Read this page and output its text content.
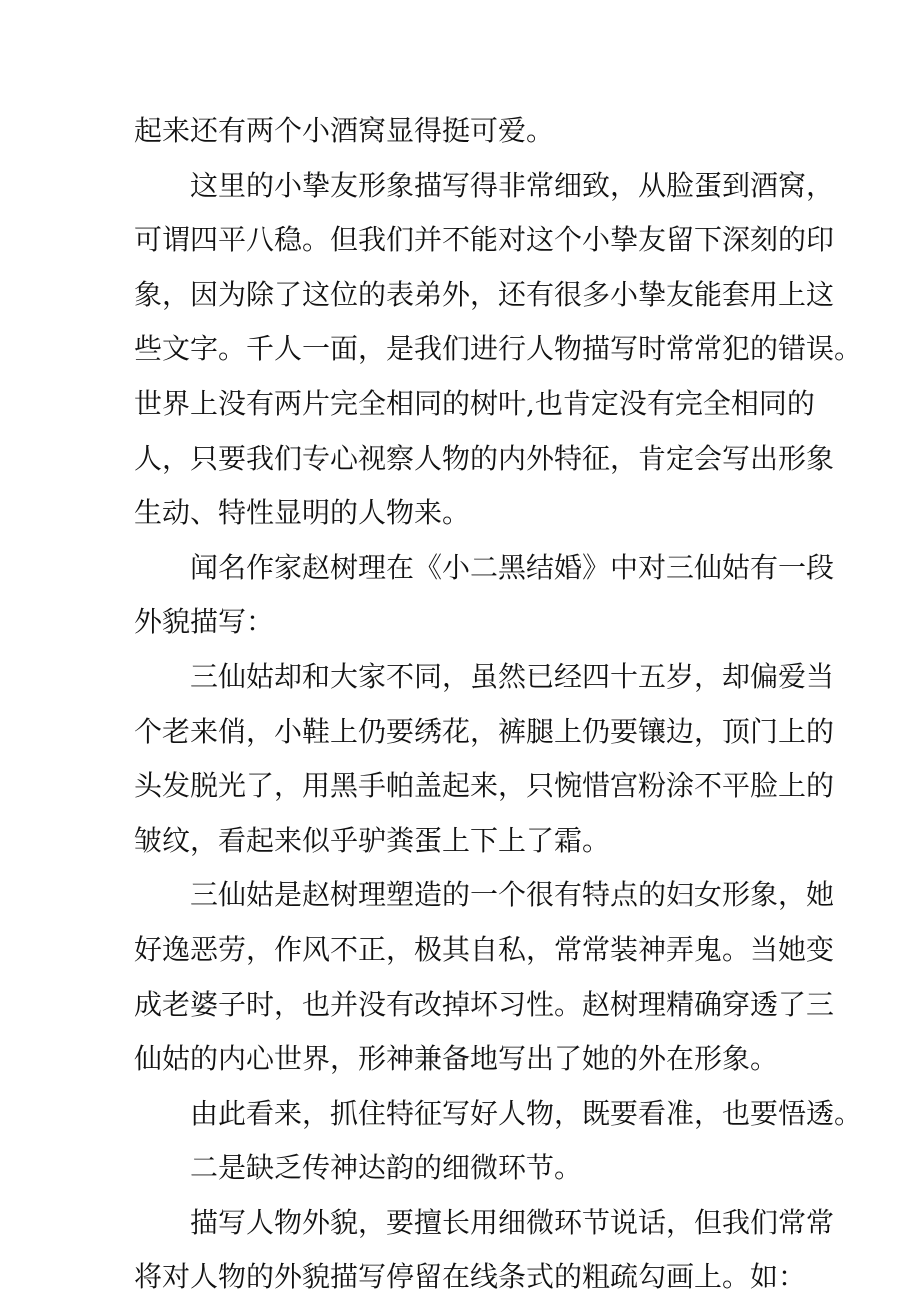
起来还有两个小酒窝显得挺可爱。
这里的小挚友形象描写得非常细致，从脸蛋到酒窝，
可谓四平八稳。但我们并不能对这个小挚友留下深刻的印
象，因为除了这位的表弟外，还有很多小挚友能套用上这
些文字。千人一面，是我们进行人物描写时常常犯的错误。
世界上没有两片完全相同的树叶,也肯定没有完全相同的
人，只要我们专心视察人物的内外特征，肯定会写出形象
生动、特性显明的人物来。
闻名作家赵树理在《小二黑结婚》中对三仙姑有一段
外貌描写：
三仙姑却和大家不同，虽然已经四十五岁，却偏爱当
个老来俏，小鞋上仍要绣花，裤腿上仍要镶边，顶门上的
头发脱光了，用黑手帕盖起来，只惋惜宫粉涂不平脸上的
皱纹，看起来似乎驴粪蛋上下上了霜。
三仙姑是赵树理塑造的一个很有特点的妇女形象，她
好逸恶劳，作风不正，极其自私，常常装神弄鬼。当她变
成老婆子时，也并没有改掉坏习性。赵树理精确穿透了三
仙姑的内心世界，形神兼备地写出了她的外在形象。
由此看来，抓住特征写好人物，既要看准，也要悟透。
二是缺乏传神达韵的细微环节。
描写人物外貌，要擅长用细微环节说话，但我们常常
将对人物的外貌描写停留在线条式的粗疏勾画上。如：
